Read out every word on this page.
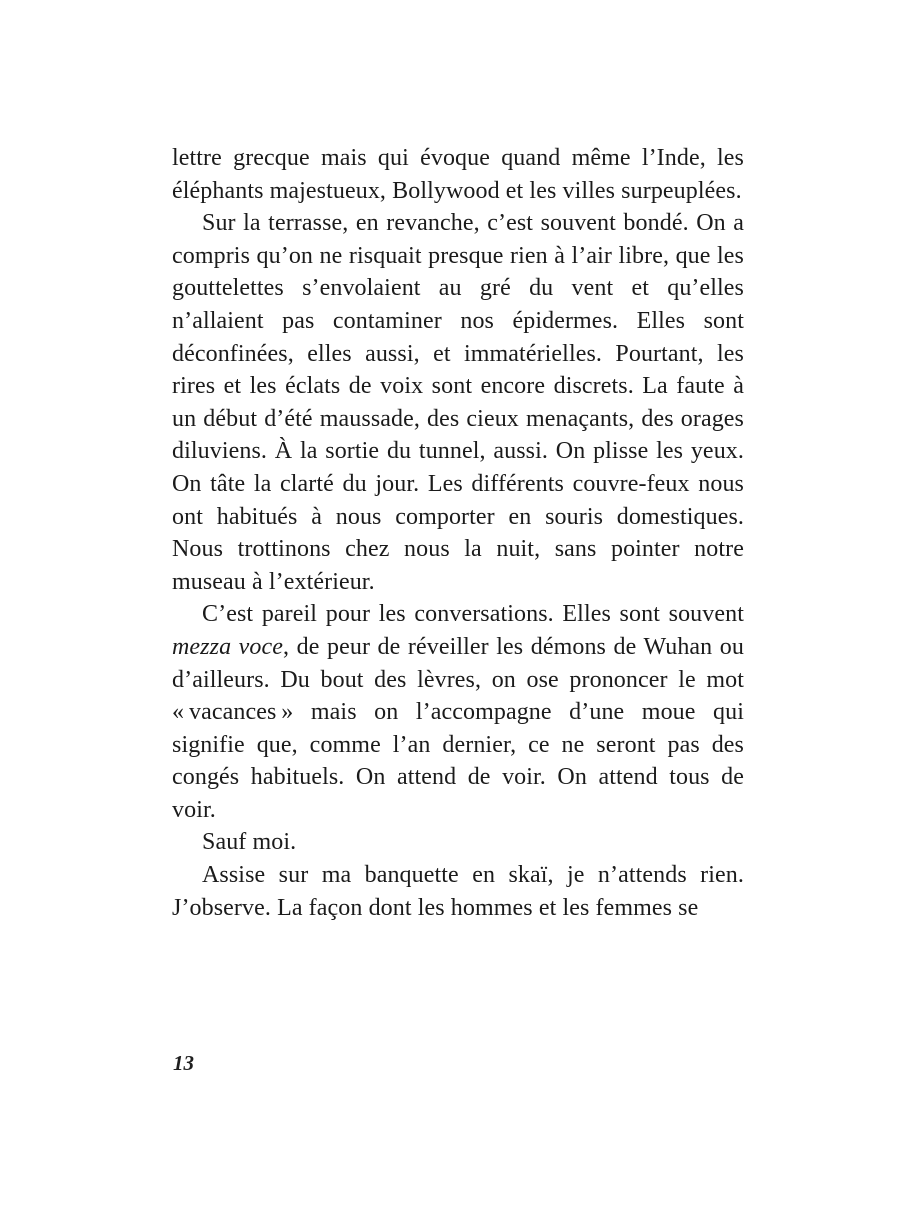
lettre grecque mais qui évoque quand même l’Inde, les éléphants majestueux, Bollywood et les villes surpeuplées.

Sur la terrasse, en revanche, c’est souvent bondé. On a compris qu’on ne risquait presque rien à l’air libre, que les gouttelettes s’envolaient au gré du vent et qu’elles n’allaient pas contaminer nos épidermes. Elles sont déconfinées, elles aussi, et immatérielles. Pourtant, les rires et les éclats de voix sont encore discrets. La faute à un début d’été maussade, des cieux menaçants, des orages diluviens. À la sortie du tunnel, aussi. On plisse les yeux. On tâte la clarté du jour. Les différents couvre-feux nous ont habitués à nous comporter en souris domestiques. Nous trottinons chez nous la nuit, sans pointer notre museau à l’extérieur.

C’est pareil pour les conversations. Elles sont souvent mezza voce, de peur de réveiller les démons de Wuhan ou d’ailleurs. Du bout des lèvres, on ose prononcer le mot « vacances » mais on l’accompagne d’une moue qui signifie que, comme l’an dernier, ce ne seront pas des congés habituels. On attend de voir. On attend tous de voir.

Sauf moi.

Assise sur ma banquette en skaï, je n’attends rien. J’observe. La façon dont les hommes et les femmes se

13
